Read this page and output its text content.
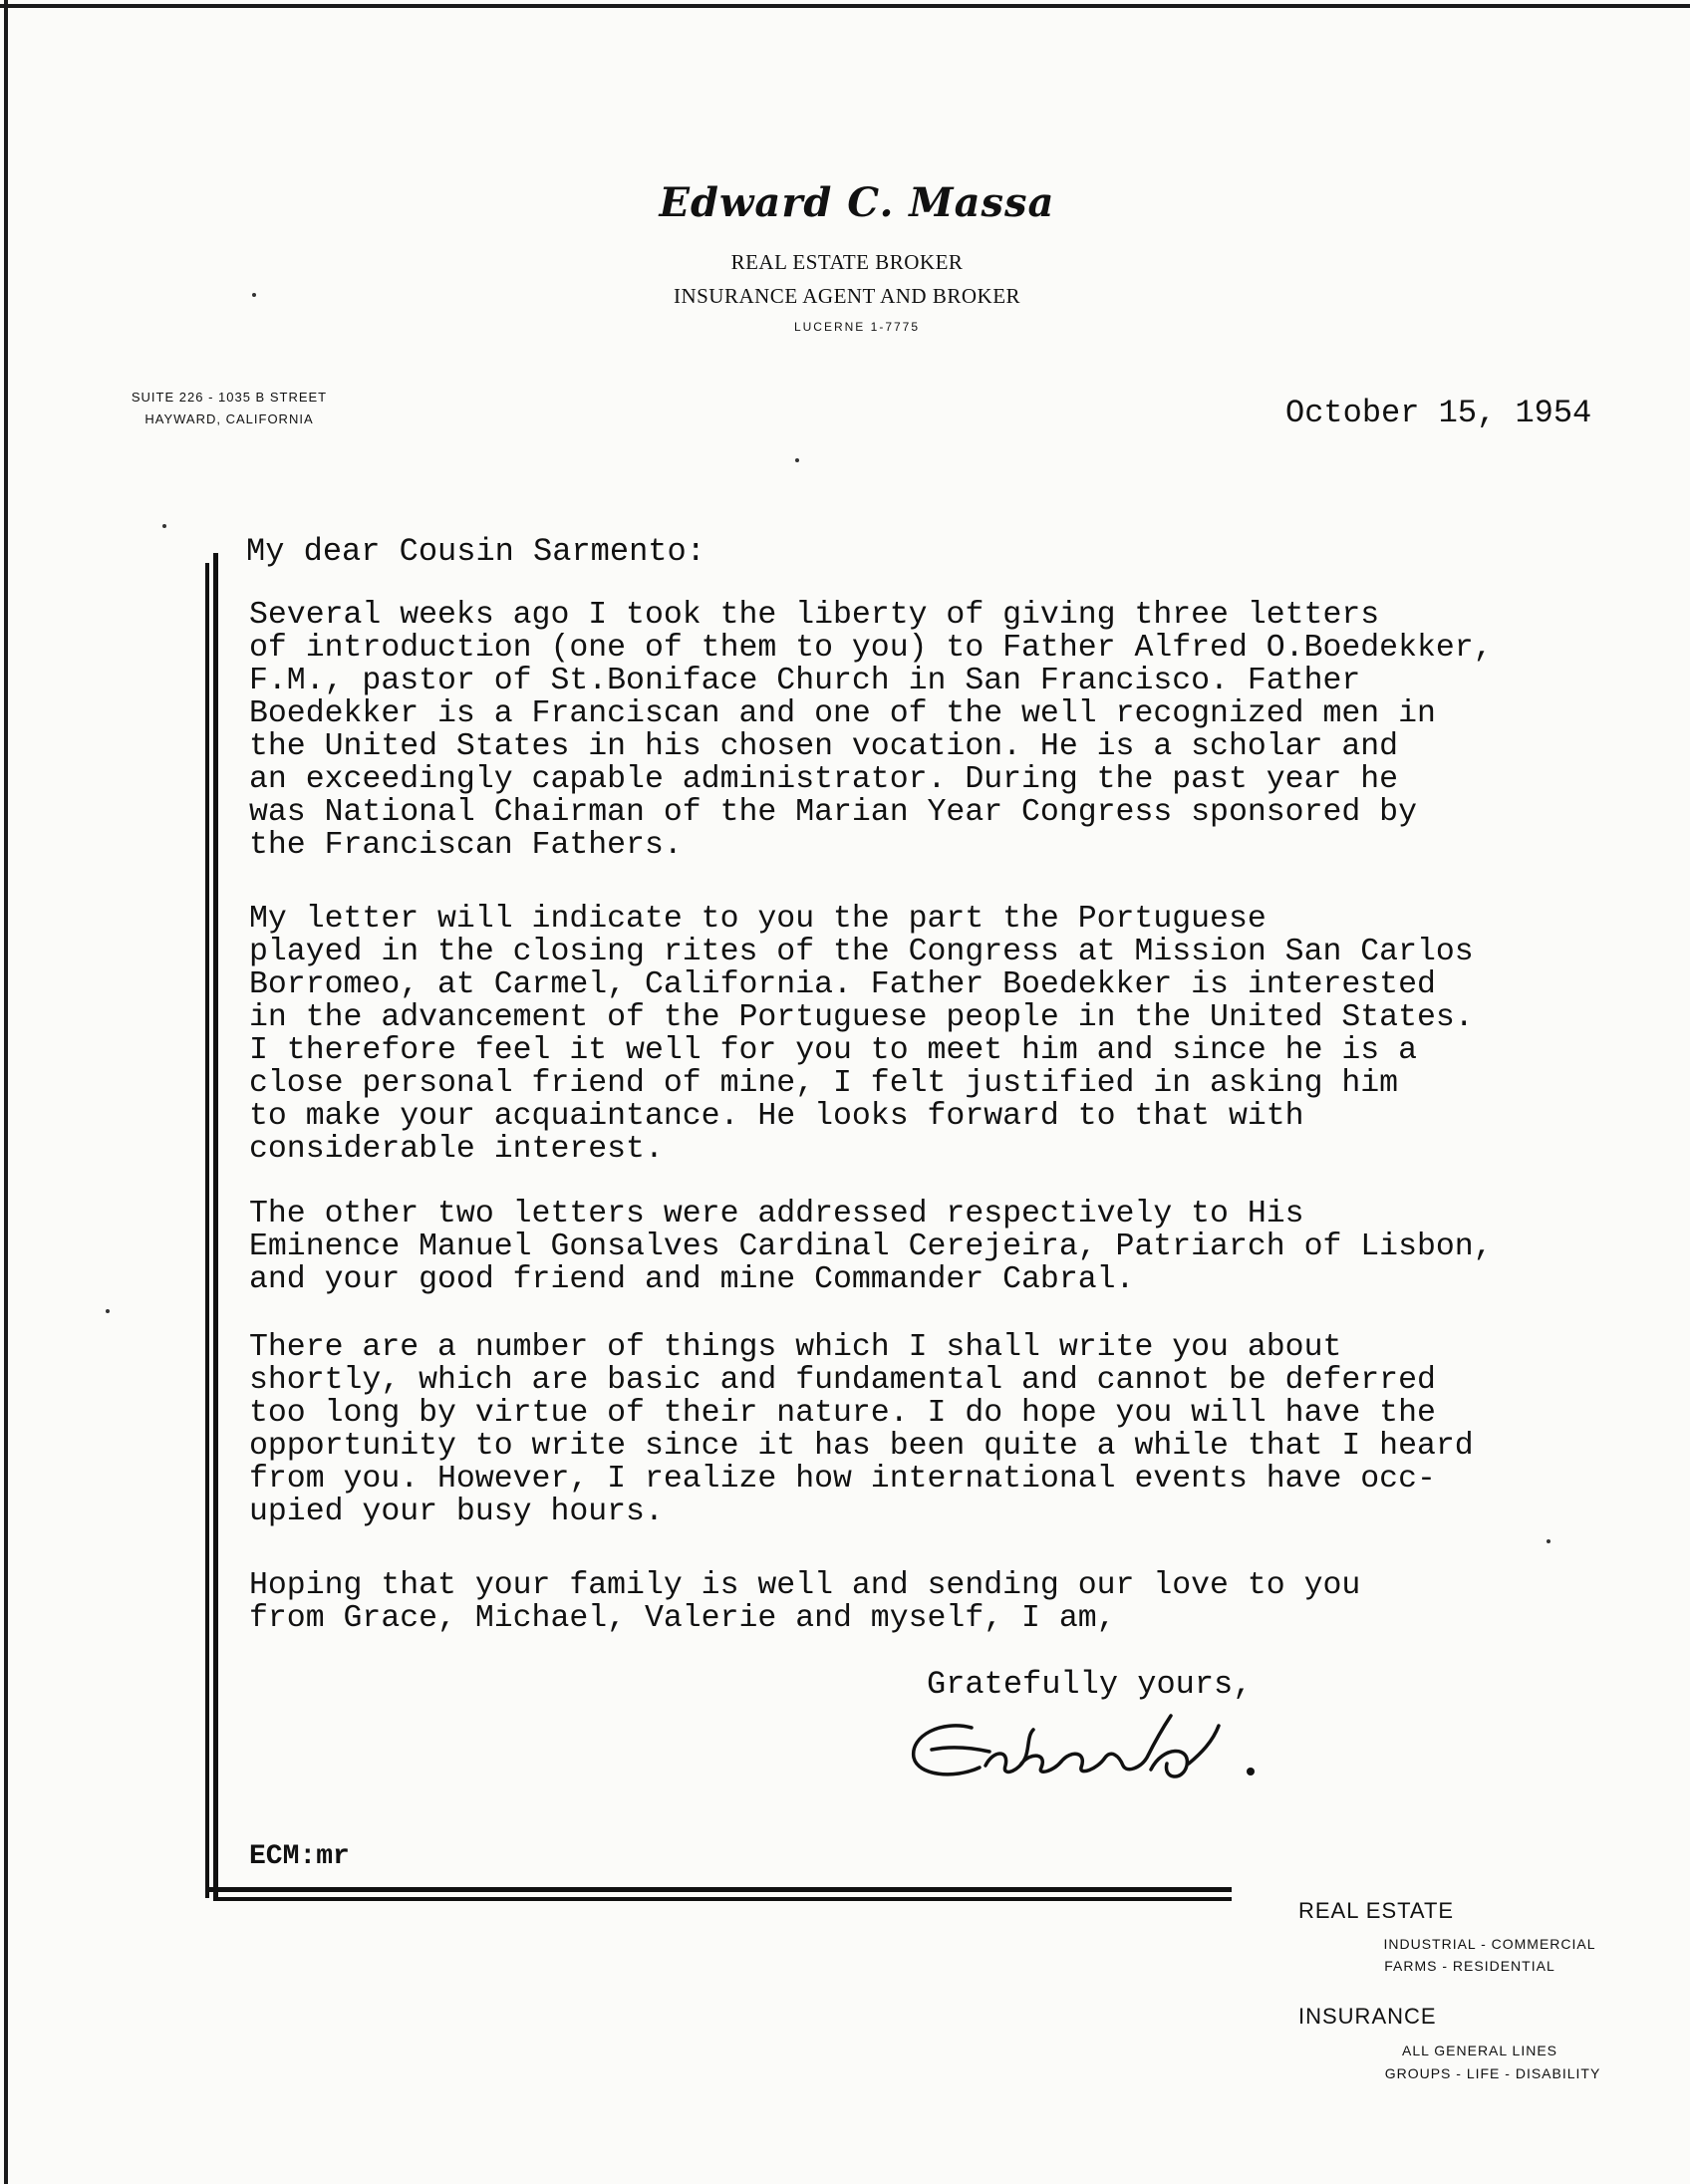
Edward C. Massa
REAL ESTATE BROKER
INSURANCE AGENT AND BROKER
LUCERNE 1-7775
SUITE 226 - 1035 B STREET
HAYWARD, CALIFORNIA	October 15, 1954
My dear Cousin Sarmento:

Several weeks ago I took the liberty of giving three letters
of introduction (one of them to you) to Father Alfred O.Boedekker,
F.M., pastor of St.Boniface Church in San Francisco. Father
Boedekker is a Franciscan and one of the well recognized men in
the United States in his chosen vocation. He is a scholar and
an exceedingly capable administrator. During the past year he
was National Chairman of the Marian Year Congress sponsored by
the Franciscan Fathers.

My letter will indicate to you the part the Portuguese
played in the closing rites of the Congress at Mission San Carlos
Borromeo, at Carmel, California. Father Boedekker is interested
in the advancement of the Portuguese people in the United States.
I therefore feel it well for you to meet him and since he is a
close personal friend of mine, I felt justified in asking him
to make your acquaintance. He looks forward to that with
considerable interest.

The other two letters were addressed respectively to His
Eminence Manuel Gonsalves Cardinal Cerejeira, Patriarch of Lisbon,
and your good friend and mine Commander Cabral.

There are a number of things which I shall write you about
shortly, which are basic and fundamental and cannot be deferred
too long by virtue of their nature. I do hope you will have the
opportunity to write since it has been quite a while that I heard
from you. However, I realize how international events have occ-
upied your busy hours.

Hoping that your family is well and sending our love to you
from Grace, Michael, Valerie and myself, I am,

Gratefully yours,
ECM:mr
REAL ESTATE
INDUSTRIAL - COMMERCIAL
FARMS - RESIDENTIAL
INSURANCE
ALL GENERAL LINES
GROUPS - LIFE - DISABILITY
